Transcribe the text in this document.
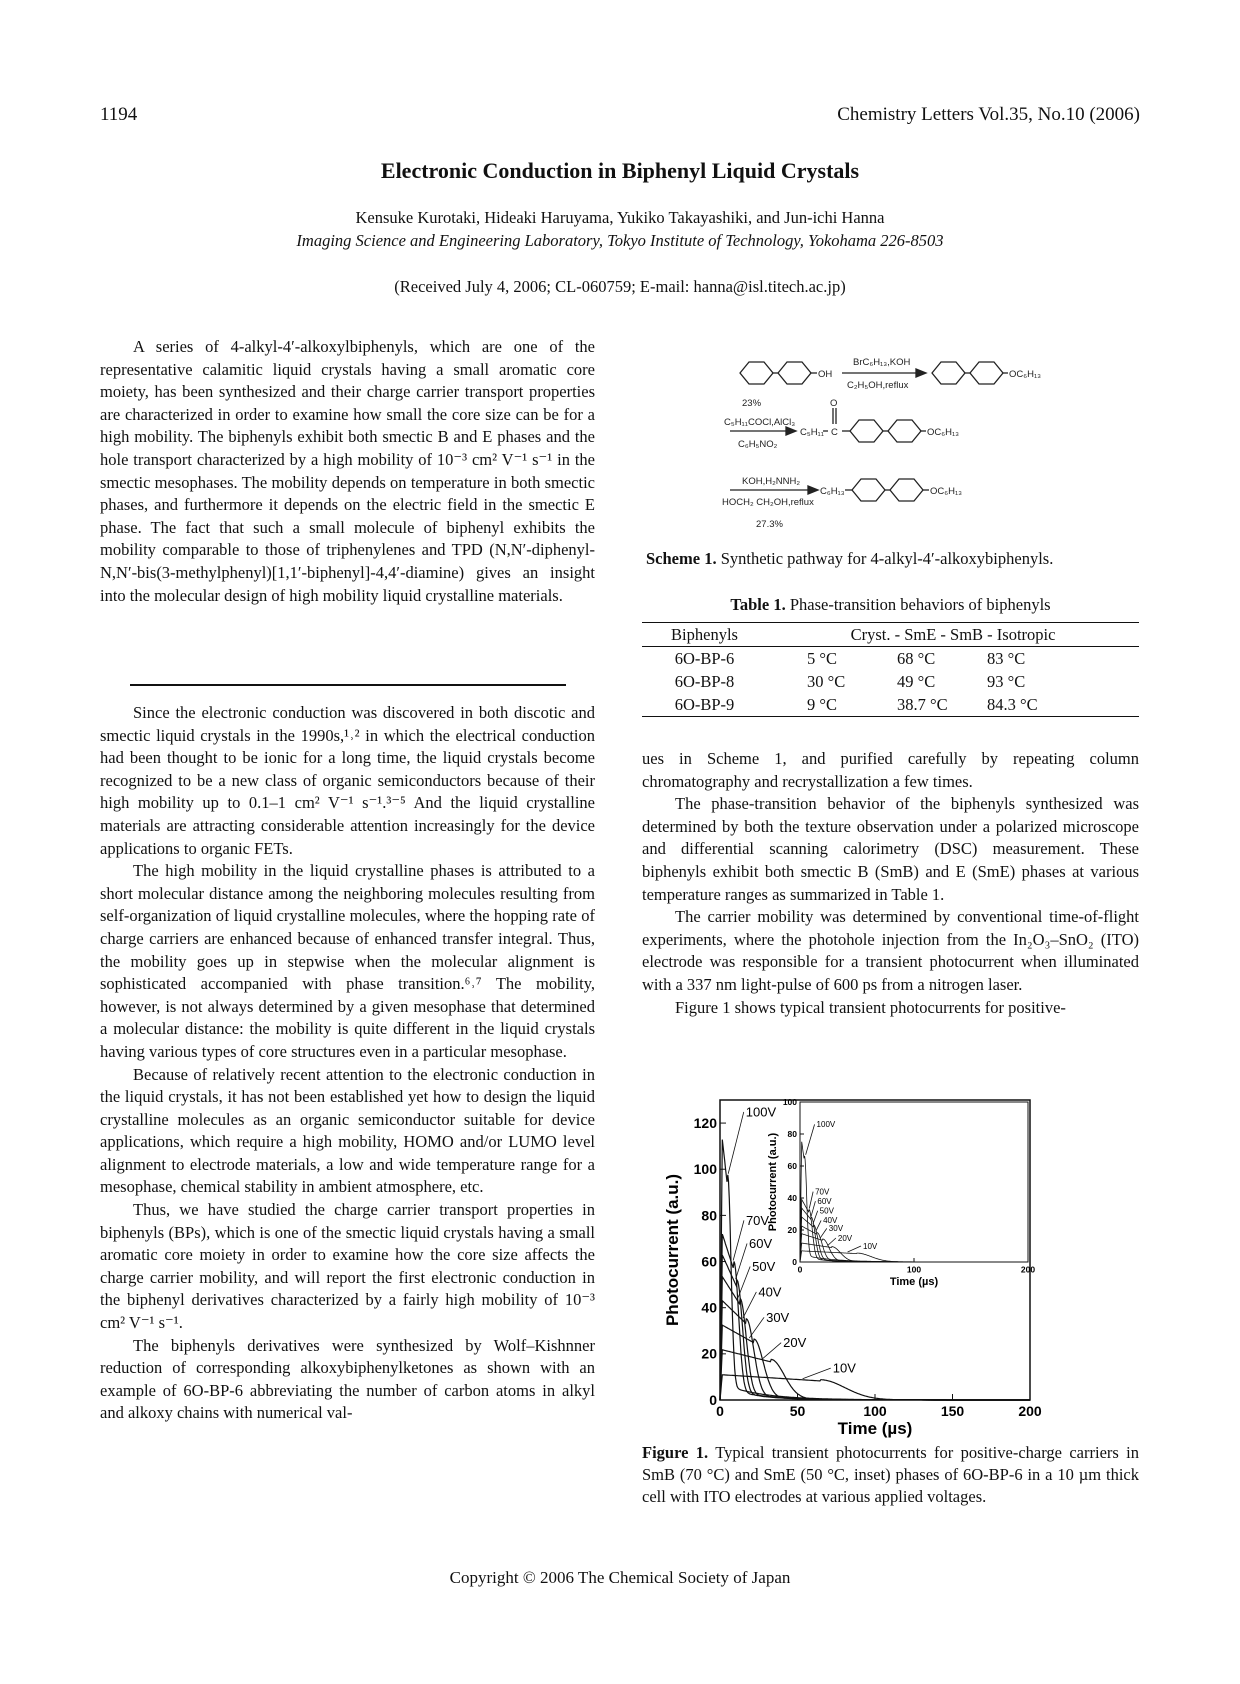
1194	Chemistry Letters Vol.35, No.10 (2006)
Electronic Conduction in Biphenyl Liquid Crystals
Kensuke Kurotaki, Hideaki Haruyama, Yukiko Takayashiki, and Jun-ichi Hanna
Imaging Science and Engineering Laboratory, Tokyo Institute of Technology, Yokohama 226-8503
(Received July 4, 2006; CL-060759; E-mail: hanna@isl.titech.ac.jp)

A series of 4-alkyl-4′-alkoxylbiphenyls, which are one of the representative calamitic liquid crystals having a small aromatic core moiety, has been synthesized and their charge carrier transport properties are characterized in order to examine how small the core size can be for a high mobility. The biphenyls exhibit both smectic B and E phases and the hole transport characterized by a high mobility of 10⁻³ cm² V⁻¹ s⁻¹ in the smectic mesophases. The mobility depends on temperature in both smectic phases, and furthermore it depends on the electric field in the smectic E phase. The fact that such a small molecule of biphenyl exhibits the mobility comparable to those of triphenylenes and TPD (N,N′-diphenyl-N,N′-bis(3-methylphenyl)[1,1′-biphenyl]-4,4′-diamine) gives an insight into the molecular design of high mobility liquid crystalline materials.

Since the electronic conduction was discovered in both discotic and smectic liquid crystals in the 1990s,¹˒² in which the electrical conduction had been thought to be ionic for a long time, the liquid crystals become recognized to be a new class of organic semiconductors because of their high mobility up to 0.1–1 cm² V⁻¹ s⁻¹.³⁻⁵ And the liquid crystalline materials are attracting considerable attention increasingly for the device applications to organic FETs.

The high mobility in the liquid crystalline phases is attributed to a short molecular distance among the neighboring molecules resulting from self-organization of liquid crystalline molecules, where the hopping rate of charge carriers are enhanced because of enhanced transfer integral. Thus, the mobility goes up in stepwise when the molecular alignment is sophisticated accompanied with phase transition.⁶˒⁷ The mobility, however, is not always determined by a given mesophase that determined a molecular distance: the mobility is quite different in the liquid crystals having various types of core structures even in a particular mesophase.

Because of relatively recent attention to the electronic conduction in the liquid crystals, it has not been established yet how to design the liquid crystalline molecules as an organic semiconductor suitable for device applications, which require a high mobility, HOMO and/or LUMO level alignment to electrode materials, a low and wide temperature range for a mesophase, chemical stability in ambient atmosphere, etc.

Thus, we have studied the charge carrier transport properties in biphenyls (BPs), which is one of the smectic liquid crystals having a small aromatic core moiety in order to examine how the core size affects the charge carrier mobility, and will report the first electronic conduction in the biphenyl derivatives characterized by a fairly high mobility of 10⁻³ cm² V⁻¹ s⁻¹.

The biphenyls derivatives were synthesized by Wolf–Kishnner reduction of corresponding alkoxybiphenylketones as shown with an example of 6O-BP-6 abbreviating the number of carbon atoms in alkyl and alkoxy chains with numerical val-

OH
BrC₆H₁₃,KOH
C₂H₅OH,reflux
OC₆H₁₃
23%
C₅H₁₁COCl,AlCl₃
C₆H₅NO₂
C₅H₁₁
O
C	OC₆H₁₃
KOH,H₂NNH₂
HOCH₂ CH₂OH,reflux
27.3%
C₆H₁₃	OC₆H₁₃
Scheme 1. Synthetic pathway for 4-alkyl-4′-alkoxybiphenyls.
Table 1. Phase-transition behaviors of biphenyls
Biphenyls	Cryst. - SmE - SmB - Isotropic		
6O-BP-6	5 °C	68 °C	83 °C
6O-BP-8	30 °C	49 °C	93 °C
6O-BP-9	9 °C	38.7 °C	84.3 °C

ues in Scheme 1, and purified carefully by repeating column chromatography and recrystallization a few times.

The phase-transition behavior of the biphenyls synthesized was determined by both the texture observation under a polarized microscope and differential scanning calorimetry (DSC) measurement. These biphenyls exhibit both smectic B (SmB) and E (SmE) phases at various temperature ranges as summarized in Table 1.

The carrier mobility was determined by conventional time-of-flight experiments, where the photohole injection from the In₂O₃–SnO₂ (ITO) electrode was responsible for a transient photocurrent when illuminated with a 337 nm light-pulse of 600 ps from a nitrogen laser.

Figure 1 shows typical transient photocurrents for positive-

0	50	100	150	200
0
20
40
60
80
100
120
Time (µs)
Photocurrent (a.u.)
100V
70V
60V
50V
40V
30V
20V
10V
0	100	200
0
20
40
60
80
100
Time (µs)
Photocurrent (a.u.)
100V
70V
60V
50V
40V
30V
20V
10V
Figure 1. Typical transient photocurrents for positive-charge carriers in SmB (70 °C) and SmE (50 °C, inset) phases of 6O-BP-6 in a 10 µm thick cell with ITO electrodes at various applied voltages.
Copyright © 2006 The Chemical Society of Japan
